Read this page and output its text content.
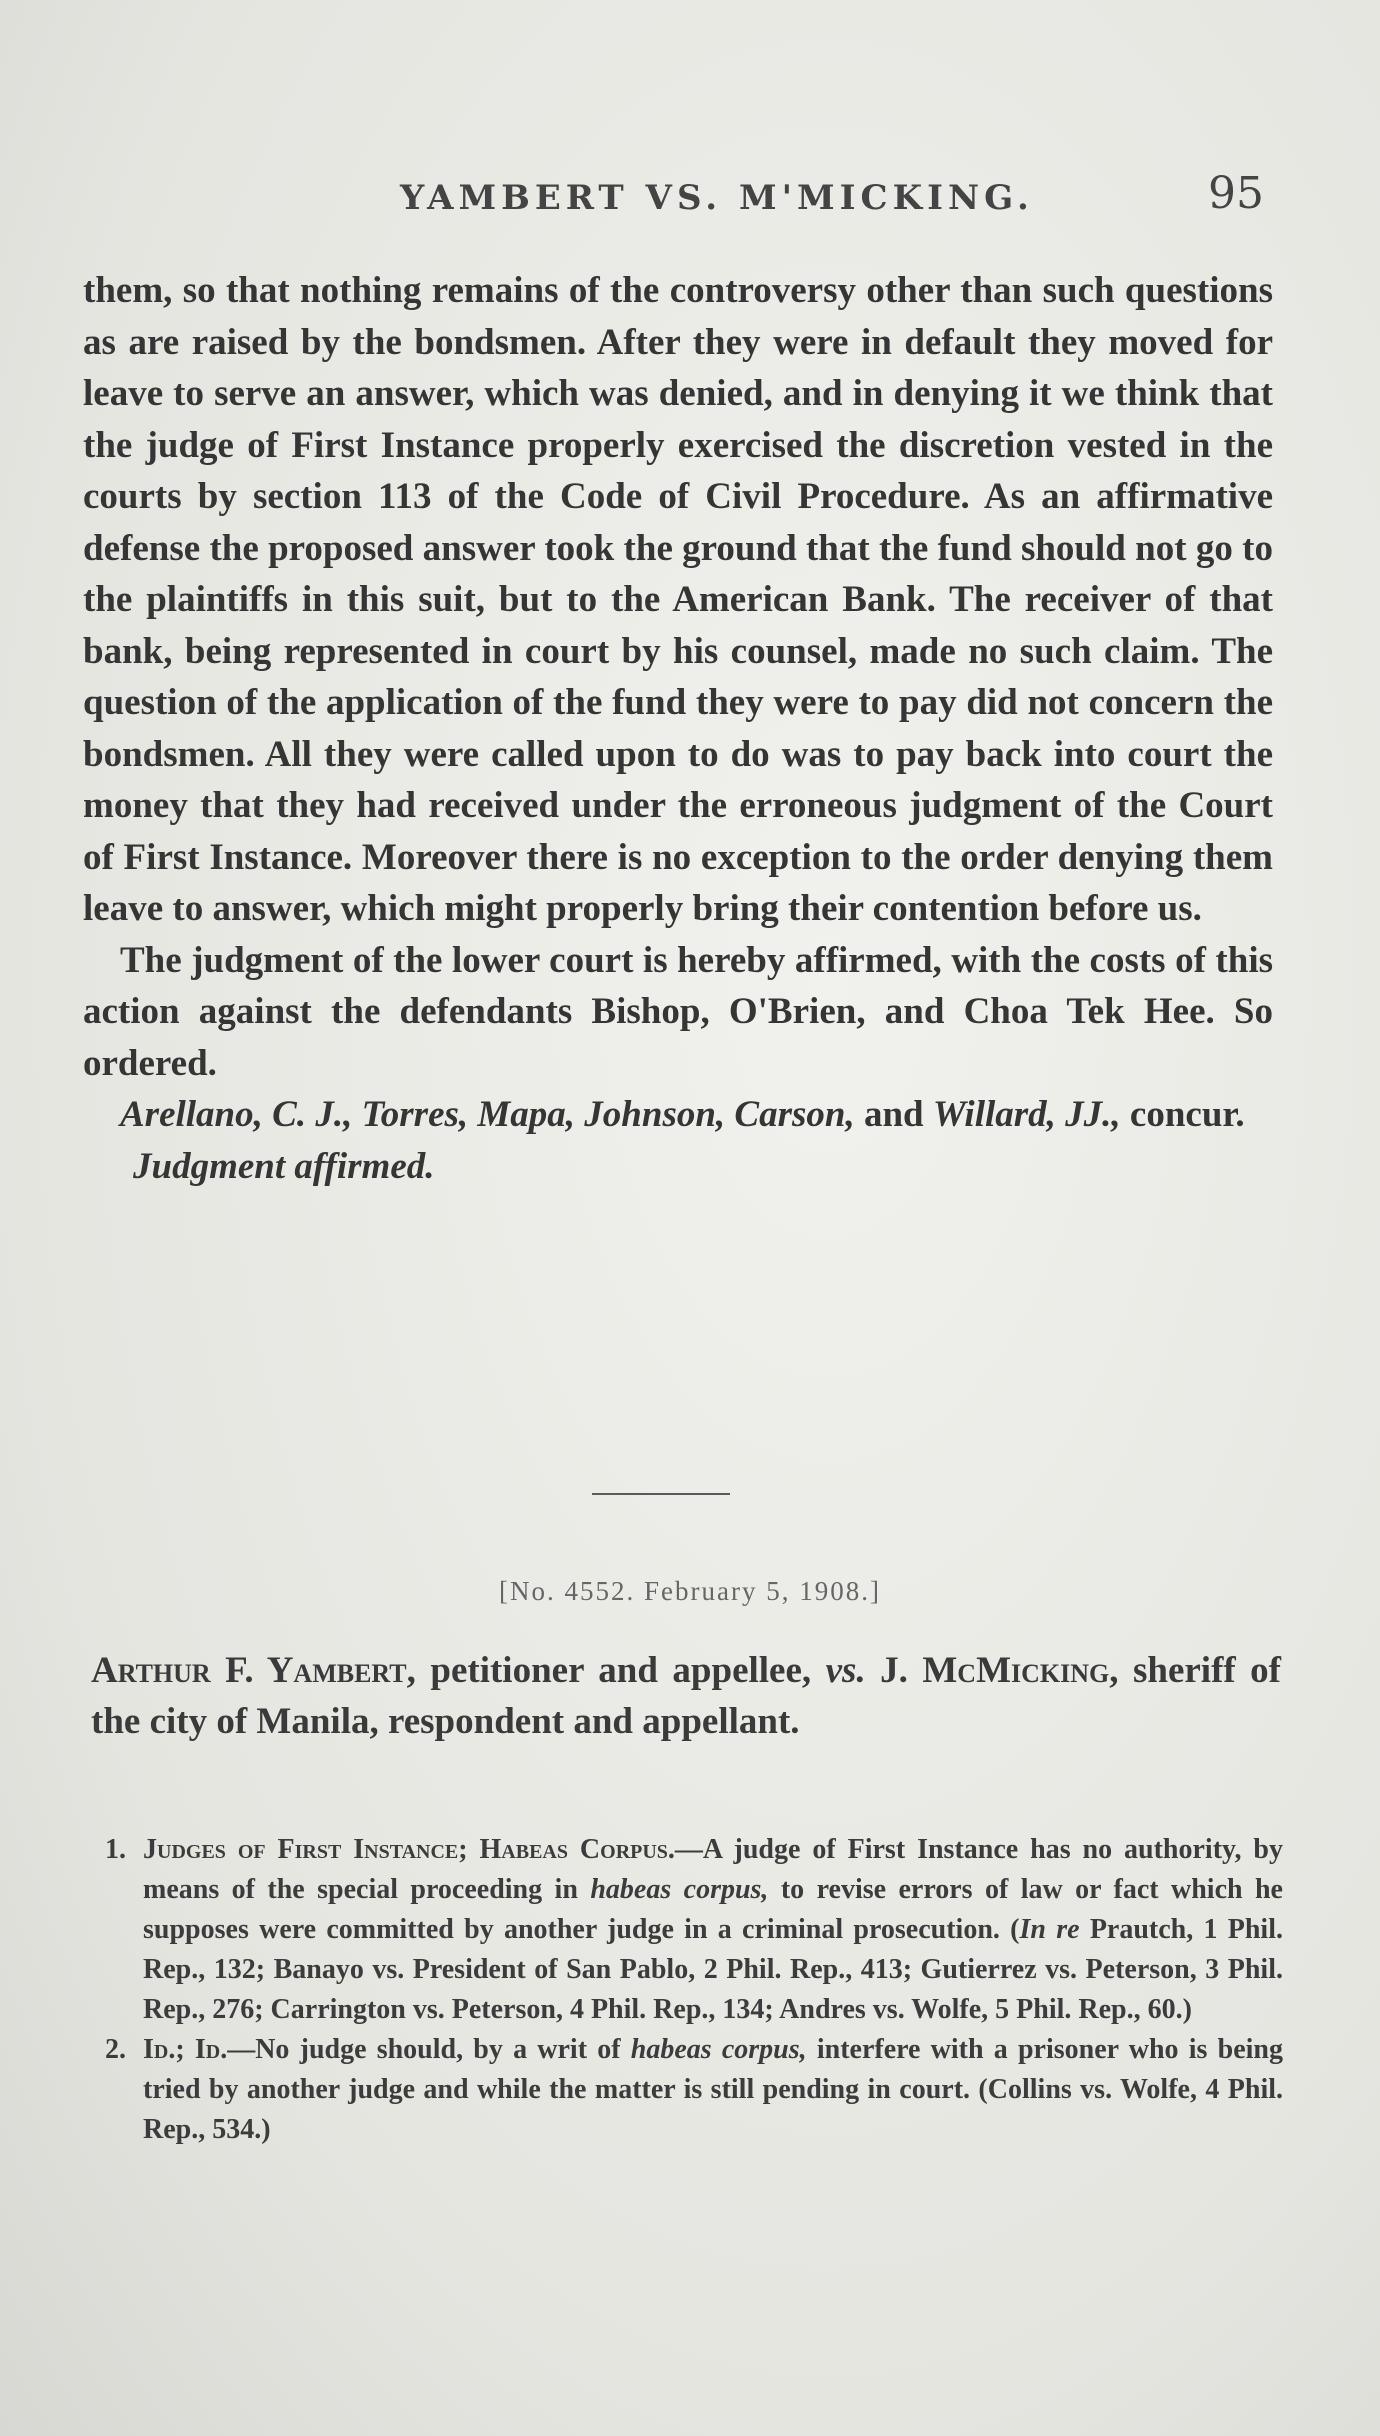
YAMBERT VS. M'MICKING.	95

them, so that nothing remains of the controversy other than such questions as are raised by the bondsmen. After they were in default they moved for leave to serve an answer, which was denied, and in denying it we think that the judge of First Instance properly exercised the discretion vested in the courts by section 113 of the Code of Civil Procedure. As an affirmative defense the proposed answer took the ground that the fund should not go to the plaintiffs in this suit, but to the American Bank. The receiver of that bank, being represented in court by his counsel, made no such claim. The question of the application of the fund they were to pay did not concern the bondsmen. All they were called upon to do was to pay back into court the money that they had received under the erroneous judgment of the Court of First Instance. Moreover there is no exception to the order denying them leave to answer, which might properly bring their contention before us.

The judgment of the lower court is hereby affirmed, with the costs of this action against the defendants Bishop, O'Brien, and Choa Tek Hee. So ordered.

Arellano, C. J., Torres, Mapa, Johnson, Carson, and Willard, JJ., concur.

Judgment affirmed.

[No. 4552. February 5, 1908.]
Arthur F. Yambert, petitioner and appellee, vs. J. McMicking, sheriff of the city of Manila, respondent and appellant.

1. Judges of First Instance; Habeas Corpus.—A judge of First Instance has no authority, by means of the special proceeding in habeas corpus, to revise errors of law or fact which he supposes were committed by another judge in a criminal prosecution. (In re Prautch, 1 Phil. Rep., 132; Banayo vs. President of San Pablo, 2 Phil. Rep., 413; Gutierrez vs. Peterson, 3 Phil. Rep., 276; Carrington vs. Peterson, 4 Phil. Rep., 134; Andres vs. Wolfe, 5 Phil. Rep., 60.)

2. Id.; Id.—No judge should, by a writ of habeas corpus, interfere with a prisoner who is being tried by another judge and while the matter is still pending in court. (Collins vs. Wolfe, 4 Phil. Rep., 534.)
